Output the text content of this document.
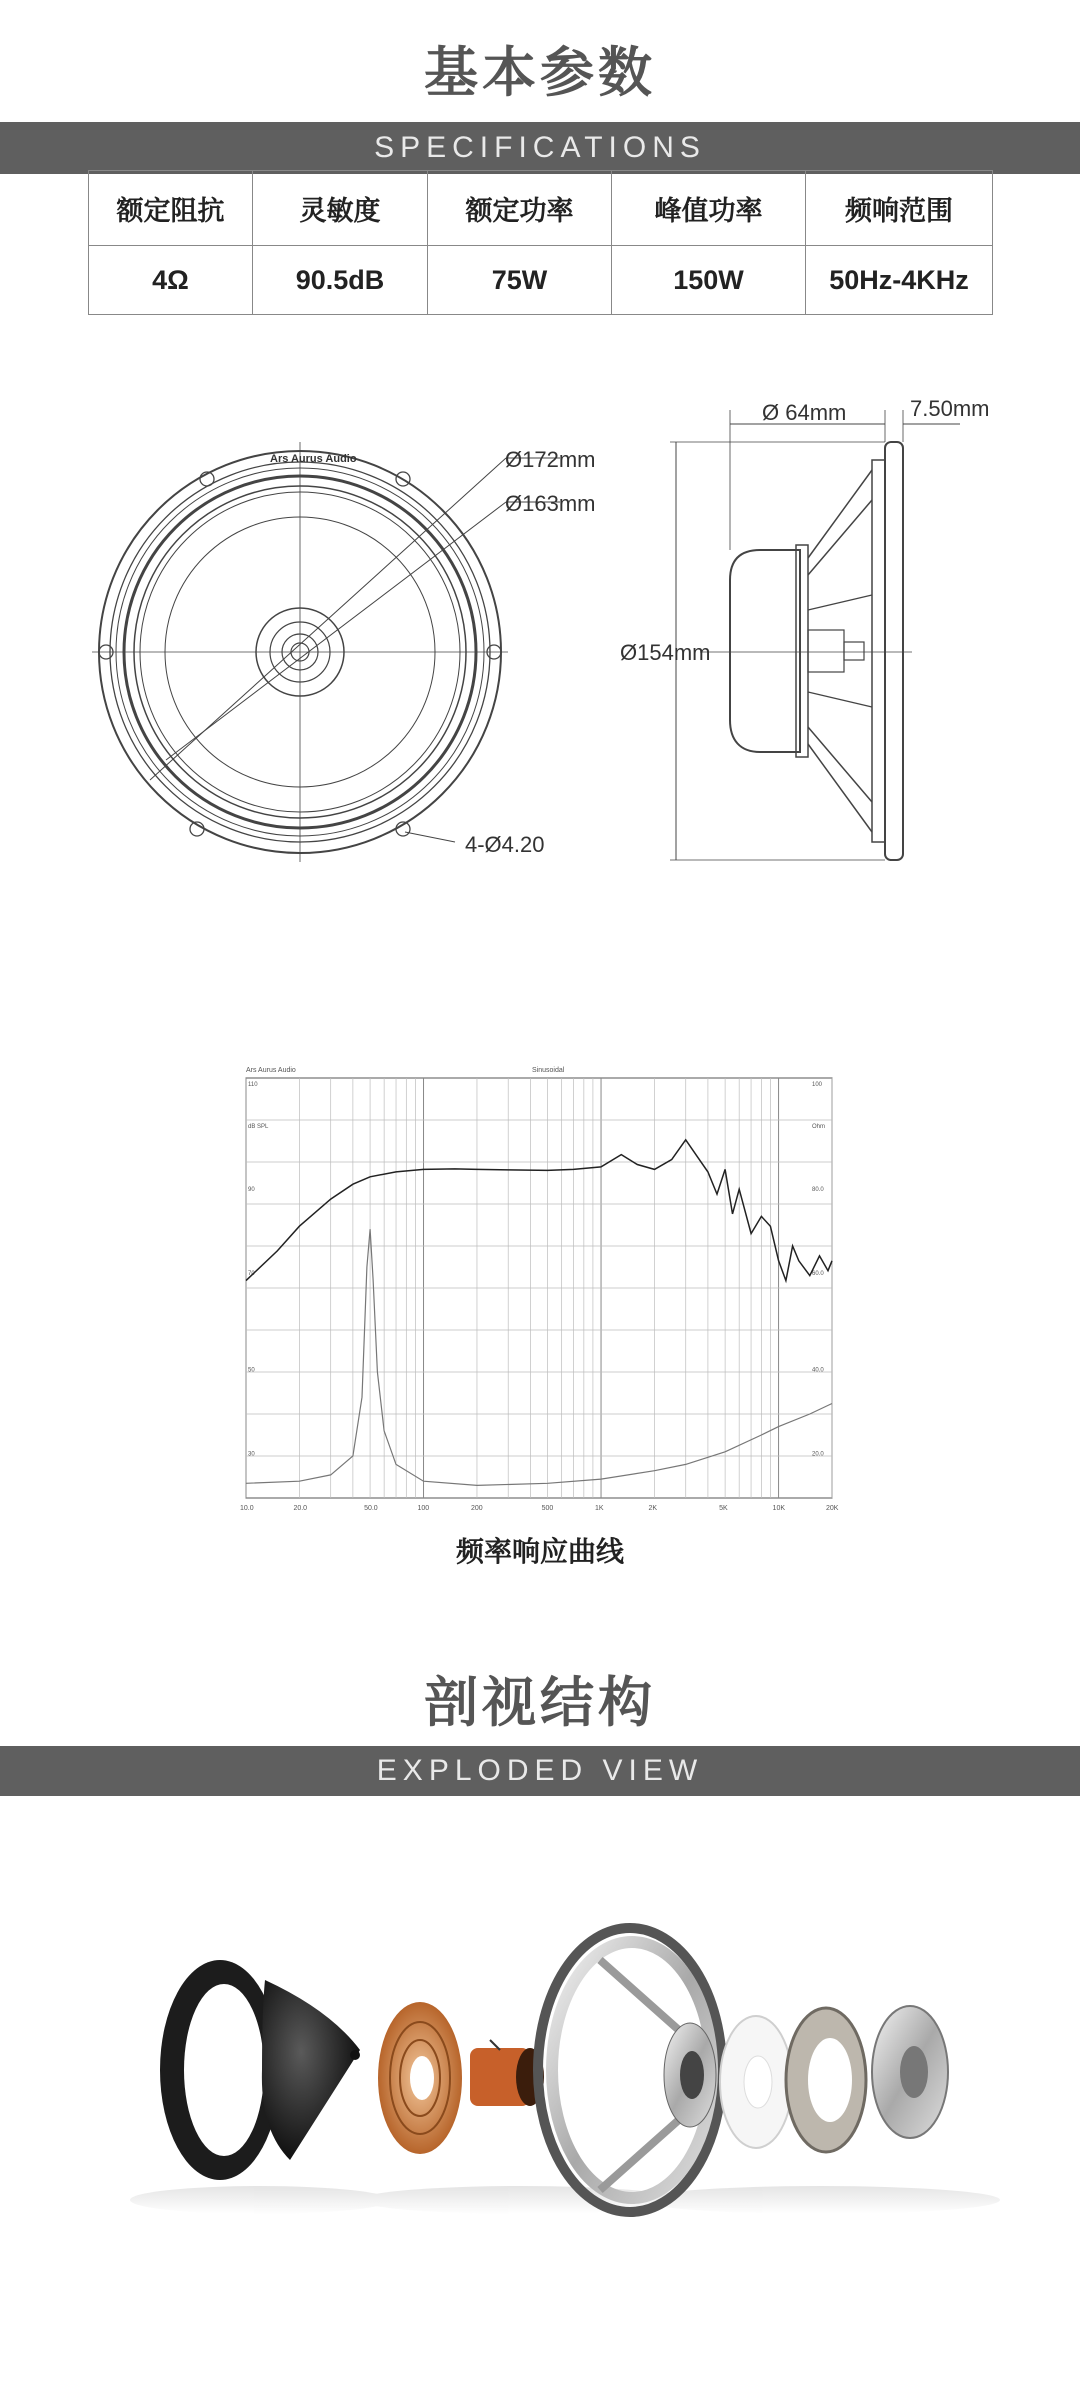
基本参数
SPECIFICATIONS
额定阻抗	灵敏度	额定功率	峰值功率	频响范围
4Ω	90.5dB	75W	150W	50Hz-4KHz
Ars Aurus Audio	Ø172mm
Ø163mm
4-Ø4.20
Ø 64mm	7.50mm
Ø154mm
10.0	20.0	50.0	100	200	500	1K	2K	5K	10K	20K
110
dB SPL
90
70
50
30
100
Ohm
80.0
60.0
40.0
20.0
Ars Aurus Audio	Sinusoidal
频率响应曲线
剖视结构
EXPLODED VIEW
